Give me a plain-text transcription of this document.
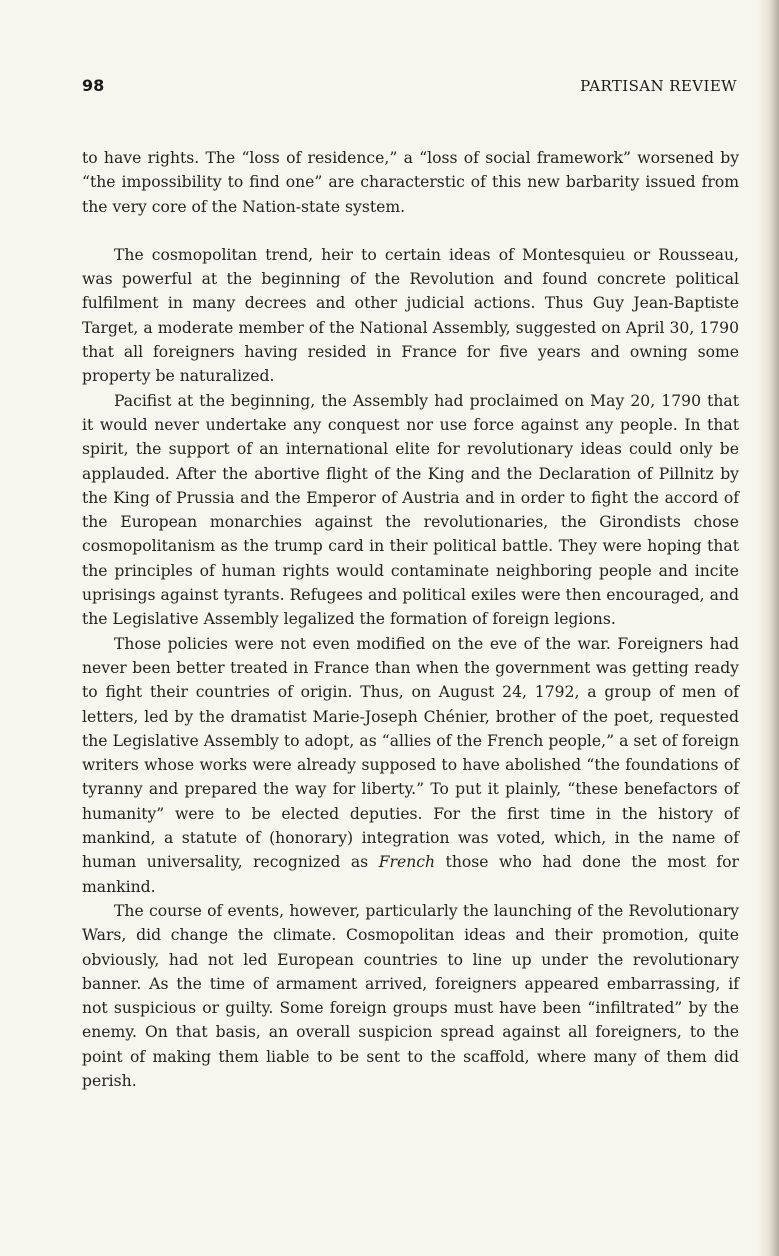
98	PARTISAN REVIEW

to have rights. The “loss of residence,” a “loss of social framework” worsened by “the impossibility to find one” are characterstic of this new barbarity issued from the very core of the Nation-state system.

The cosmopolitan trend, heir to certain ideas of Montesquieu or Rousseau, was powerful at the beginning of the Revolution and found concrete political fulfilment in many decrees and other judicial actions. Thus Guy Jean-Baptiste Target, a moderate member of the National Assembly, suggested on April 30, 1790 that all foreigners having resided in France for five years and owning some property be naturalized.

Pacifist at the beginning, the Assembly had proclaimed on May 20, 1790 that it would never undertake any conquest nor use force against any people. In that spirit, the support of an international elite for revolutionary ideas could only be applauded. After the abortive flight of the King and the Declaration of Pillnitz by the King of Prussia and the Emperor of Austria and in order to fight the accord of the European monarchies against the revolutionaries, the Girondists chose cosmopolitanism as the trump card in their political battle. They were hoping that the principles of human rights would contaminate neighboring people and incite uprisings against tyrants. Refugees and political exiles were then encouraged, and the Legislative Assembly legalized the formation of foreign legions.

Those policies were not even modified on the eve of the war. Foreigners had never been better treated in France than when the government was getting ready to fight their countries of origin. Thus, on August 24, 1792, a group of men of letters, led by the dramatist Marie-Joseph Chénier, brother of the poet, requested the Legislative Assembly to adopt, as “allies of the French people,” a set of foreign writers whose works were already supposed to have abolished “the foundations of tyranny and prepared the way for liberty.” To put it plainly, “these benefactors of humanity” were to be elected deputies. For the first time in the history of mankind, a statute of (honorary) integration was voted, which, in the name of human universality, recognized as French those who had done the most for mankind.

The course of events, however, particularly the launching of the Revolutionary Wars, did change the climate. Cosmopolitan ideas and their promotion, quite obviously, had not led European countries to line up under the revolutionary banner. As the time of armament arrived, foreigners appeared embarrassing, if not suspicious or guilty. Some foreign groups must have been “infiltrated” by the enemy. On that basis, an overall suspicion spread against all foreigners, to the point of making them liable to be sent to the scaffold, where many of them did perish.
